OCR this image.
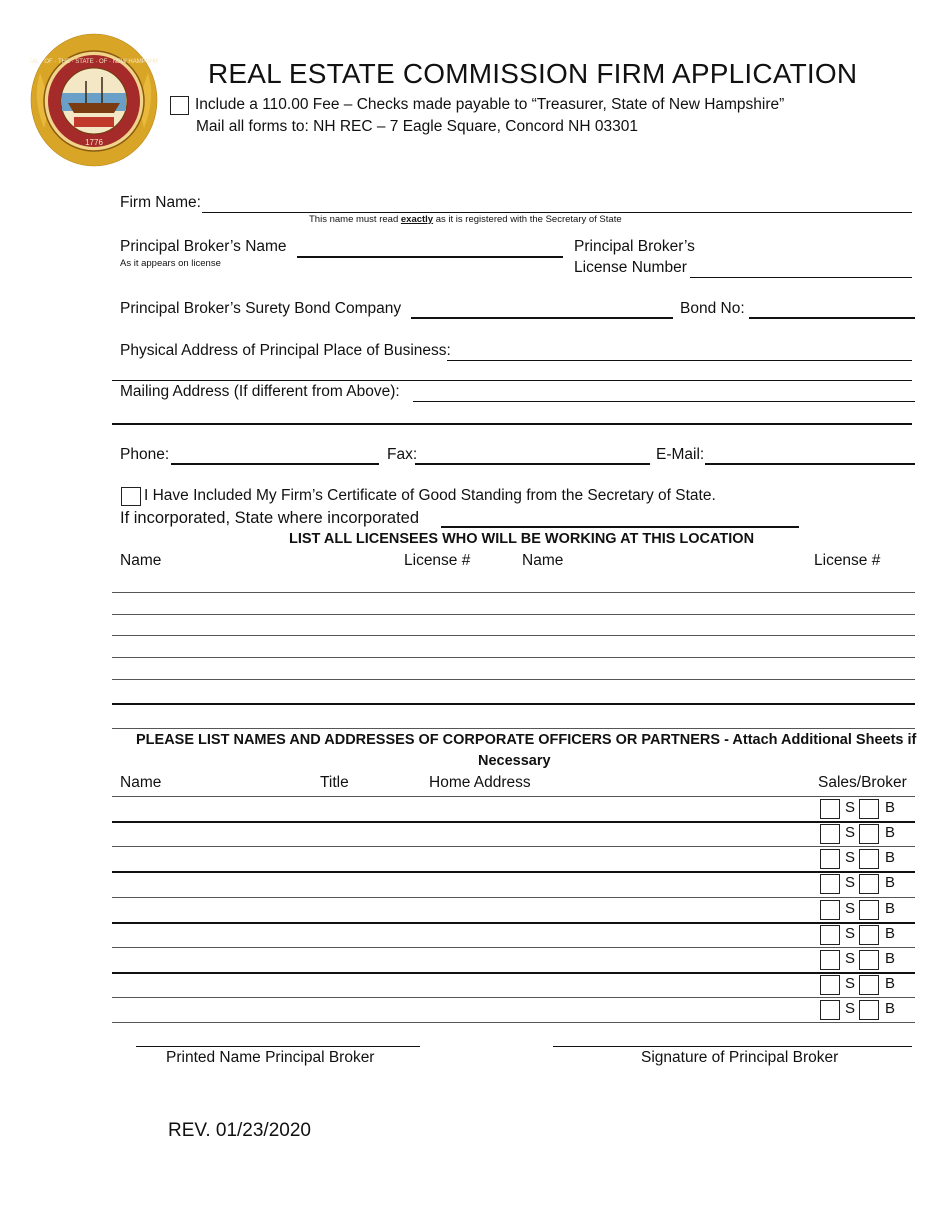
SEAL · OF · THE · STATE · OF · NEW HAMPSHIRE
1776
REAL ESTATE COMMISSION FIRM APPLICATION
Include a 110.00 Fee – Checks made payable to “Treasurer, State of New Hampshire”
Mail all forms to: NH REC – 7 Eagle Square, Concord NH 03301
Firm Name:
This name must read exactly as it is registered with the Secretary of State
Principal Broker’s Name
As it appears on license
Principal Broker’s
License Number
Principal Broker’s Surety Bond Company	Bond No:
Physical Address of Principal Place of Business:
Mailing Address (If different from Above):
Phone:	Fax:	E-Mail:
I Have Included My Firm’s Certificate of Good Standing from the Secretary of State.
If incorporated, State where incorporated
LIST ALL LICENSEES WHO WILL BE WORKING AT THIS LOCATION
Name	License #	Name	License #
PLEASE LIST NAMES AND ADDRESSES OF CORPORATE OFFICERS OR PARTNERS - Attach Additional Sheets if
Necessary
Name	Title	Home Address	Sales/Broker
S B
S B
S B
S B
S B
S B
S B
S B
S B
Printed Name Principal Broker	Signature of Principal Broker
REV. 01/23/2020
